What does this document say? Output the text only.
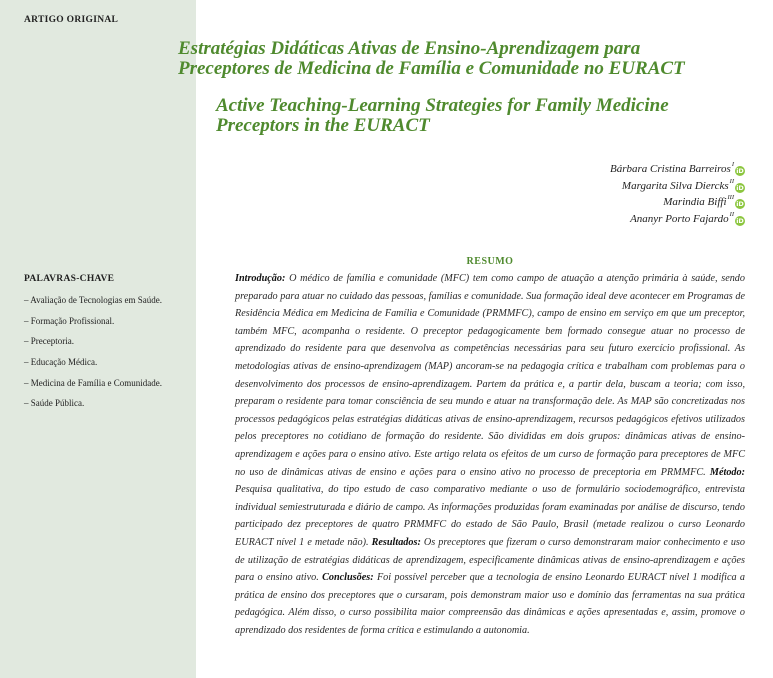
ARTIGO ORIGINAL
Estratégias Didáticas Ativas de Ensino-Aprendizagem para
Preceptores de Medicina de Família e Comunidade no EURACT
Active Teaching-Learning Strategies for Family Medicine
Preceptors in the EURACT
Bárbara Cristina Barreiros$^I$iD
Margarita Silva Diercks$^{II}$iD
Marindia Biffi$^{III}$iD
Ananyr Porto Fajardo$^{II}$iD
RESUMO

Introdução: O médico de família e comunidade (MFC) tem como campo de atuação a atenção primária à saúde, sendo preparado para atuar no cuidado das pessoas, famílias e comunidade. Sua formação ideal deve acontecer em Programas de Residência Médica em Medicina de Família e Comunidade (PRMMFC), campo de ensino em serviço em que um preceptor, também MFC, acompanha o residente. O preceptor pedagogicamente bem formado consegue atuar no processo de aprendizado do residente para que desenvolva as competências necessárias para seu futuro exercício profissional. As metodologias ativas de ensino-aprendizagem (MAP) ancoram-se na pedagogia crítica e trabalham com problemas para o desenvolvimento dos processos de ensino-aprendizagem. Partem da prática e, a partir dela, buscam a teoria; com isso, preparam o residente para tomar consciência de seu mundo e atuar na transformação dele. As MAP são concretizadas nos processos pedagógicos pelas estratégias didáticas ativas de ensino-aprendizagem, recursos pedagógicos efetivos utilizados pelos preceptores no cotidiano de formação do residente. São divididas em dois grupos: dinâmicas ativas de ensino-aprendizagem e ações para o ensino ativo. Este artigo relata os efeitos de um curso de formação para preceptores de MFC no uso de dinâmicas ativas de ensino e ações para o ensino ativo no processo de preceptoria em PRMMFC. Método: Pesquisa qualitativa, do tipo estudo de caso comparativo mediante o uso de formulário sociodemográfico, entrevista individual semiestruturada e diário de campo. As informações produzidas foram examinadas por análise de discurso, tendo participado dez preceptores de quatro PRMMFC do estado de São Paulo, Brasil (metade realizou o curso Leonardo EURACT nível 1 e metade não). Resultados: Os preceptores que fizeram o curso demonstraram maior conhecimento e uso de utilização de estratégias didáticas de aprendizagem, especificamente dinâmicas ativas de ensino-aprendizagem e ações para o ensino ativo. Conclusões: Foi possível perceber que a tecnologia de ensino Leonardo EURACT nível 1 modifica a prática de ensino dos preceptores que o cursaram, pois demonstram maior uso e domínio das ferramentas na sua prática pedagógica. Além disso, o curso possibilita maior compreensão das dinâmicas e ações apresentadas e, assim, promove o aprendizado dos residentes de forma crítica e estimulando a autonomia.

PALAVRAS-CHAVE
– Avaliação de Tecnologias em Saúde.
– Formação Profissional.
– Preceptoria.
– Educação Médica.
– Medicina de Família e Comunidade.
– Saúde Pública.
